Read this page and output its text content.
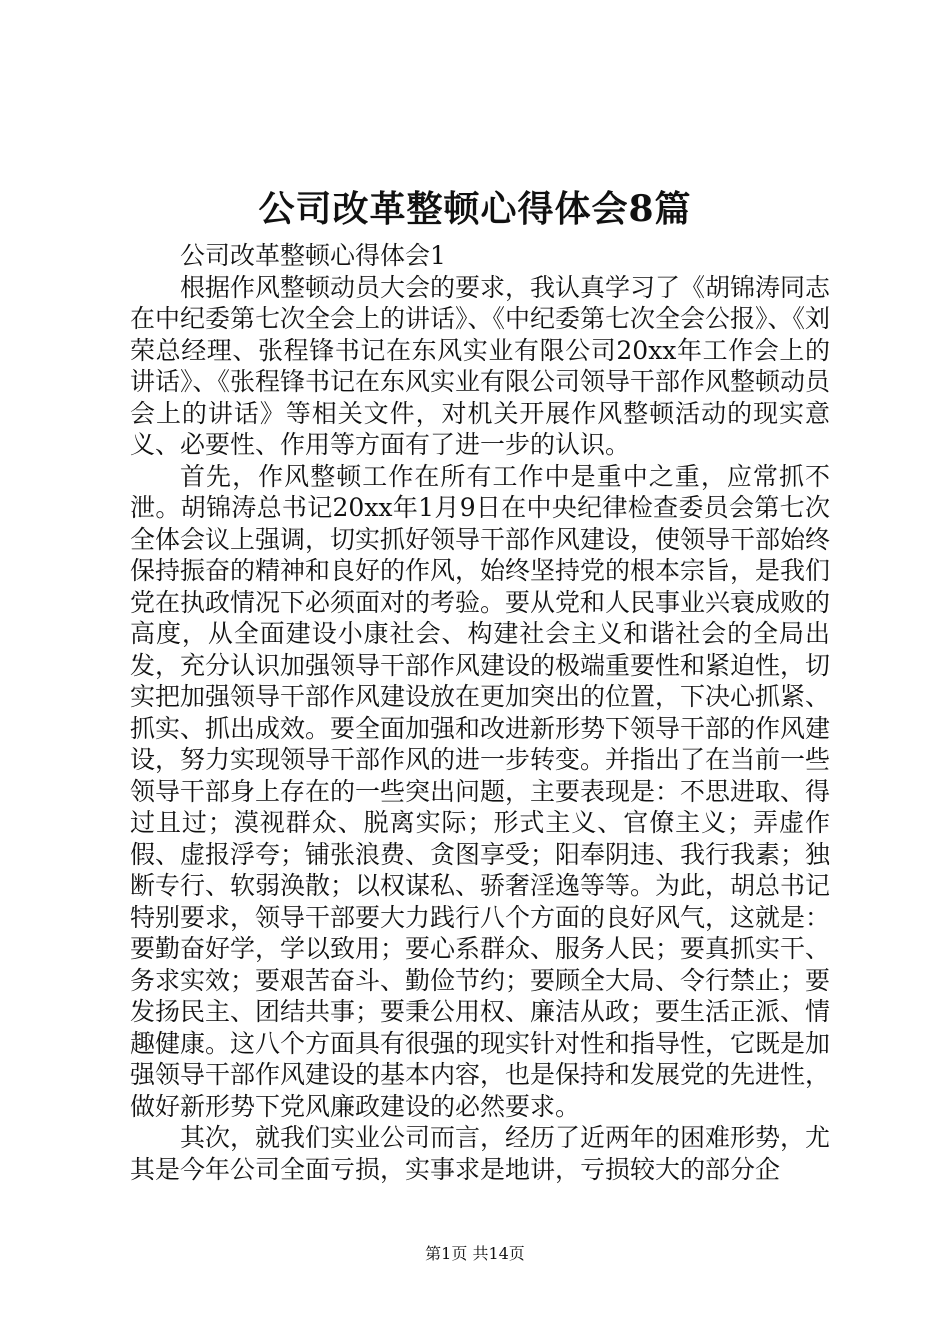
公司改革整顿心得体会8篇

公司改革整顿心得体会1

根据作风整顿动员大会的要求，我认真学习了《胡锦涛同志在中纪委第七次全会上的讲话》、《中纪委第七次全会公报》、《刘荣总经理、张程锋书记在东风实业有限公司20xx年工作会上的讲话》、《张程锋书记在东风实业有限公司领导干部作风整顿动员会上的讲话》等相关文件，对机关开展作风整顿活动的现实意义、必要性、作用等方面有了进一步的认识。

首先，作风整顿工作在所有工作中是重中之重，应常抓不泄。胡锦涛总书记20xx年1月9日在中央纪律检查委员会第七次全体会议上强调，切实抓好领导干部作风建设，使领导干部始终保持振奋的精神和良好的作风，始终坚持党的根本宗旨，是我们党在执政情况下必须面对的考验。要从党和人民事业兴衰成败的高度，从全面建设小康社会、构建社会主义和谐社会的全局出发，充分认识加强领导干部作风建设的极端重要性和紧迫性，切实把加强领导干部作风建设放在更加突出的位置，下决心抓紧、抓实、抓出成效。要全面加强和改进新形势下领导干部的作风建设，努力实现领导干部作风的进一步转变。并指出了在当前一些领导干部身上存在的一些突出问题，主要表现是：不思进取、得过且过；漠视群众、脱离实际；形式主义、官僚主义；弄虚作假、虚报浮夸；铺张浪费、贪图享受；阳奉阴违、我行我素；独断专行、软弱涣散；以权谋私、骄奢淫逸等等。为此，胡总书记特别要求，领导干部要大力践行八个方面的良好风气，这就是：要勤奋好学，学以致用；要心系群众、服务人民；要真抓实干、务求实效；要艰苦奋斗、勤俭节约；要顾全大局、令行禁止；要发扬民主、团结共事；要秉公用权、廉洁从政；要生活正派、情趣健康。这八个方面具有很强的现实针对性和指导性，它既是加强领导干部作风建设的基本内容，也是保持和发展党的先进性，做好新形势下党风廉政建设的必然要求。

其次，就我们实业公司而言，经历了近两年的困难形势，尤其是今年公司全面亏损，实事求是地讲，亏损较大的部分企

第1页 共14页
